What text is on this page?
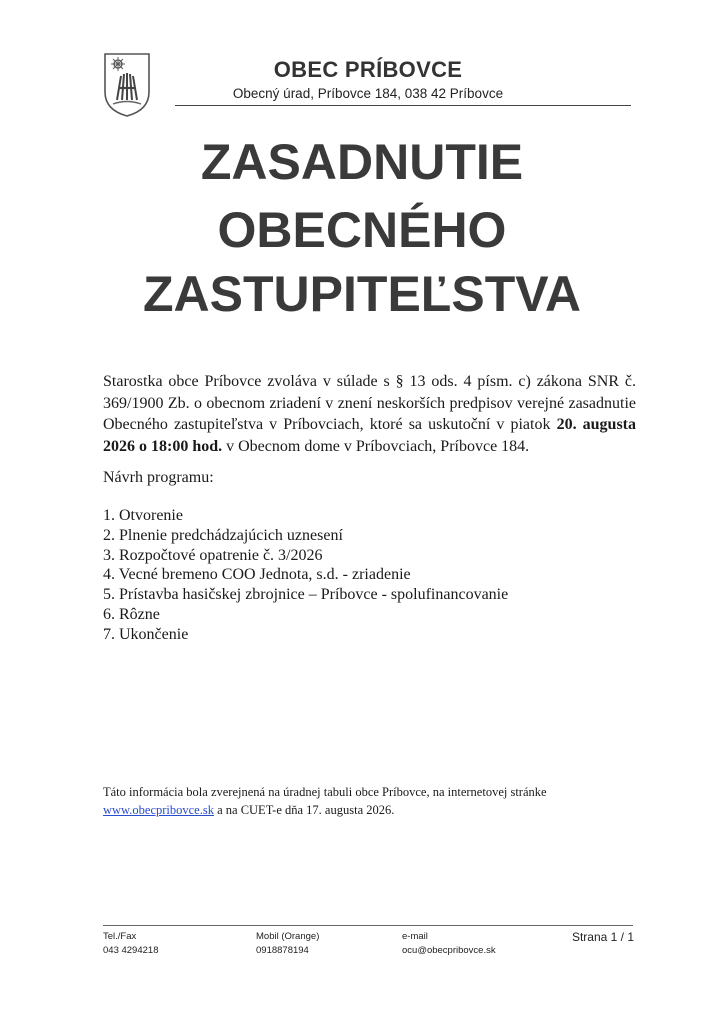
OBEC PRÍBOVCE
Obecný úrad, Príbovce 184, 038 42 Príbovce
ZASADNUTIE
OBECNÉHO
ZASTUPITEĽSTVA
Starostka obce Príbovce zvoláva v súlade s § 13 ods. 4 písm. c) zákona SNR č. 369/1900 Zb. o obecnom zriadení v znení neskorších predpisov verejné zasadnutie Obecného zastupiteľstva v Príbovciach, ktoré sa uskutoční v piatok 20. augusta 2026 o 18:00 hod. v Obecnom dome v Príbovciach, Príbovce 184.
Návrh programu:
1. Otvorenie
2. Plnenie predchádzajúcich uznesení
3. Rozpočtové opatrenie č. 3/2026
4. Vecné bremeno COO Jednota, s.d. - zriadenie
5. Prístavba hasičskej zbrojnice – Príbovce - spolufinancovanie
6. Rôzne
7. Ukončenie
Táto informácia bola zverejnená na úradnej tabuli obce Príbovce, na internetovej stránke www.obecpribovce.sk a na CUET-e dňa 17. augusta 2026.
Tel./Fax
043 4294218
Mobil (Orange)
0918878194
e-mail
ocu@obecpribovce.sk
Strana 1 / 1
